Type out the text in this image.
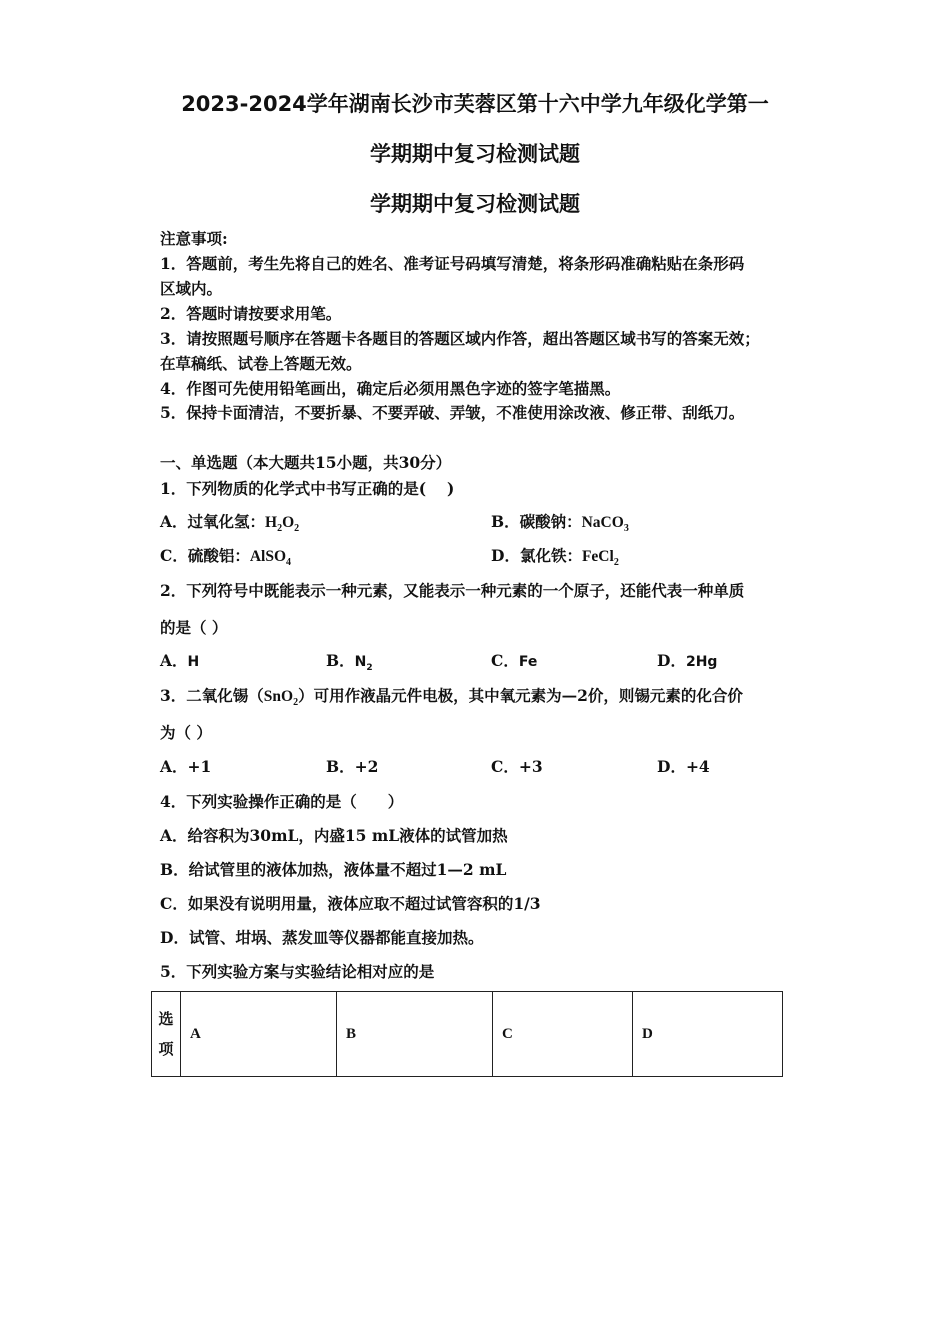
2023-2024学年湖南长沙市芙蓉区第十六中学九年级化学第一
学期期中复习检测试题
学期期中复习检测试题
注意事项:
1．答题前，考生先将自己的姓名、准考证号码填写清楚，将条形码准确粘贴在条形码
区域内。
2．答题时请按要求用笔。
3．请按照题号顺序在答题卡各题目的答题区域内作答，超出答题区域书写的答案无效；
在草稿纸、试卷上答题无效。
4．作图可先使用铅笔画出，确定后必须用黑色字迹的签字笔描黑。
5．保持卡面清洁，不要折暴、不要弄破、弄皱，不准使用涂改液、修正带、刮纸刀。
一、单选题（本大题共15小题，共30分）
1．下列物质的化学式中书写正确的是(　 )
A．过氧化氢：$H_2O_2$	B．碳酸钠：NaCO$_3$
C．硫酸铝：AlSO$_4$	D．氯化铁：FeCl$_2$
2．下列符号中既能表示一种元素，又能表示一种元素的一个原子，还能代表一种单质
的是（ ）
A．H	B．$N_2$	C．Fe	D．2Hg
3．二氧化锡（SnO$_2$）可用作液晶元件电极，其中氧元素为—2价，则锡元素的化合价
为（ ）
A．+1	B．+2	C．+3	D．+4
4．下列实验操作正确的是（　　）
A．给容积为30mL，内盛15 mL液体的试管加热
B．给试管里的液体加热，液体量不超过1—2 mL
C．如果没有说明用量，液体应取不超过试管容积的1/3
D．试管、坩埚、蒸发皿等仪器都能直接加热。
5．下列实验方案与实验结论相对应的是
选
项
	A	B	C	D
